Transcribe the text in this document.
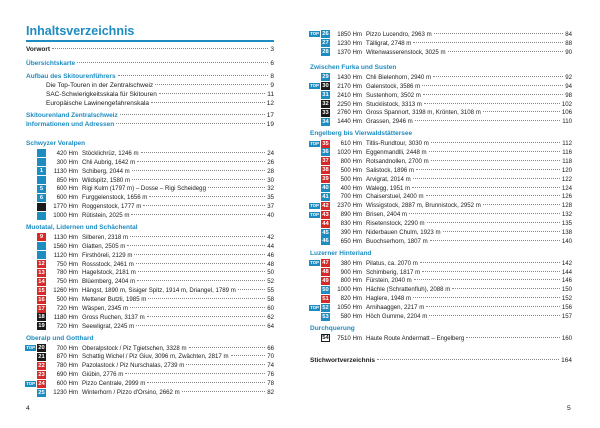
Inhaltsverzeichnis
Vorwort	3
Übersichtskarte	6
Aufbau des Skitourenführers	8
Die Top-Touren in der Zentralschweiz	9
SAC-Schwierigkeitsskala für Skitouren	11
Europäische Lawinengefahrenskala	12
Skitourenland Zentralschweiz	17
Informationen und Adressen	19
Schwyzer Voralpen
420 Hm Stöcklichrüz, 1246 m	24
300 Hm Chli Aubrig, 1642 m	26
1	1130 Hm Schiberg, 2044 m	28
850 Hm Wildspitz, 1580 m	30
5	600 Hm Rigi Kulm (1797 m) – Dosse – Rigi Scheidegg	32
6	600 Hm Furggelenstock, 1656 m	35
1770 Hm Roggenstock, 1777 m	37
1000 Hm Rütistein, 2025 m	40
Muotatal, Lidernen und Schächental
9	1130 Hm Silberen, 2318 m	42
1560 Hm Glatten, 2505 m	44
1120 Hm Firsthöreli, 2129 m	46
12	750 Hm Rossstock, 2461 m	48
13	780 Hm Hagelstock, 2181 m	50
14	750 Hm Blüemberg, 2404 m	52
15	1260 Hm Hängst, 1890 m, Sisiger Spitz, 1914 m, Driangel, 1789 m	55
16	500 Hm Mettener Butzli, 1985 m	58
17	720 Hm Wäspen, 2345 m	60
18	1180 Hm Gross Ruchen, 3137 m	62
19	720 Hm Seewligrat, 2245 m	64
Oberalp und Gotthard
TOP 20	700 Hm Oberalpstock / Piz Tgietschen, 3328 m	66
21	870 Hm Schattig Wichel / Piz Giuv, 3096 m, Zwächten, 2817 m	70
22	780 Hm Pazolastock / Piz Nurschalas, 2739 m	74
23	690 Hm Giübin, 2776 m	76
TOP 24	600 Hm Pizzo Centrale, 2999 m	78
25	1230 Hm Winterhorn / Pizzo d'Orsino, 2662 m	82
4
TOP 26	1850 Hm Pizzo Lucendro, 2963 m	84
27	1230 Hm Tälligrat, 2748 m	88
28	1370 Hm Witenwasserenstock, 3025 m	90
Zwischen Furka und Susten
29	1430 Hm Chli Bielenhorn, 2940 m	92
TOP 30	2170 Hm Galenstock, 3586 m	94
31	2410 Hm Sustenhorn, 3502 m	98
32	2250 Hm Stucklistock, 3313 m	102
33	2760 Hm Gross Spannort, 3198 m, Krönten, 3108 m	106
34	1440 Hm Grassen, 2946 m	110
Engelberg bis Vierwaldstättersee
TOP 35	610 Hm Titlis-Rundtour, 3030 m	112
36	1020 Hm Eggenmandlli, 2448 m	116
37	800 Hm Rotsandnollen, 2700 m	118
38	500 Hm Salistock, 1896 m	120
39	500 Hm Arvigrat, 2014 m	122
40	400 Hm Walegg, 1951 m	124
41	700 Hm Chaiserstuel, 2400 m	126
TOP 42	2370 Hm Wissigstock, 2887 m, Brunnistock, 2952 m	128
TOP 43	890 Hm Brisen, 2404 m	132
44	830 Hm Risetenstock, 2290 m	135
45	390 Hm Niderbauen Chulm, 1923 m	138
46	650 Hm Buochserhorn, 1807 m	140
Luzerner Hinterland
TOP 47	380 Hm Pilatus, ca. 2070 m	142
48	900 Hm Schimberig, 1817 m	144
49	800 Hm Fürstein, 2040 m	146
50	1000 Hm Hächle (Schrattenfluh), 2088 m	150
51	820 Hm Haglere, 1948 m	152
TOP 52	1050 Hm Arnihaaggen, 2217 m	156
53	580 Hm Höch Gumme, 2204 m	157
Durchquerung
54	7510 Hm Haute Route Andermatt – Engelberg	160
Stichwortverzeichnis	164
5
